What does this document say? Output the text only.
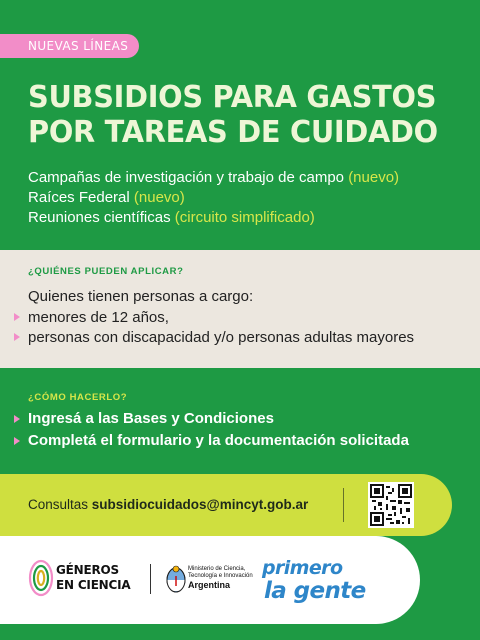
NUEVAS LÍNEAS
SUBSIDIOS PARA GASTOS
POR TAREAS DE CUIDADO
Campañas de investigación y trabajo de campo (nuevo)
Raíces Federal (nuevo)
Reuniones científicas (circuito simplificado)
¿QUIÉNES PUEDEN APLICAR?
Quienes tienen personas a cargo:
menores de 12 años,
personas con discapacidad y/o personas adultas mayores
¿CÓMO HACERLO?
Ingresá a las Bases y Condiciones
Completá el formulario y la documentación solicitada
Consultas subsidiocuidados@mincyt.gob.ar
GÉNEROS
EN CIENCIA
Ministerio de Ciencia,
Tecnología e Innovación
Argentina
primero
la gente
